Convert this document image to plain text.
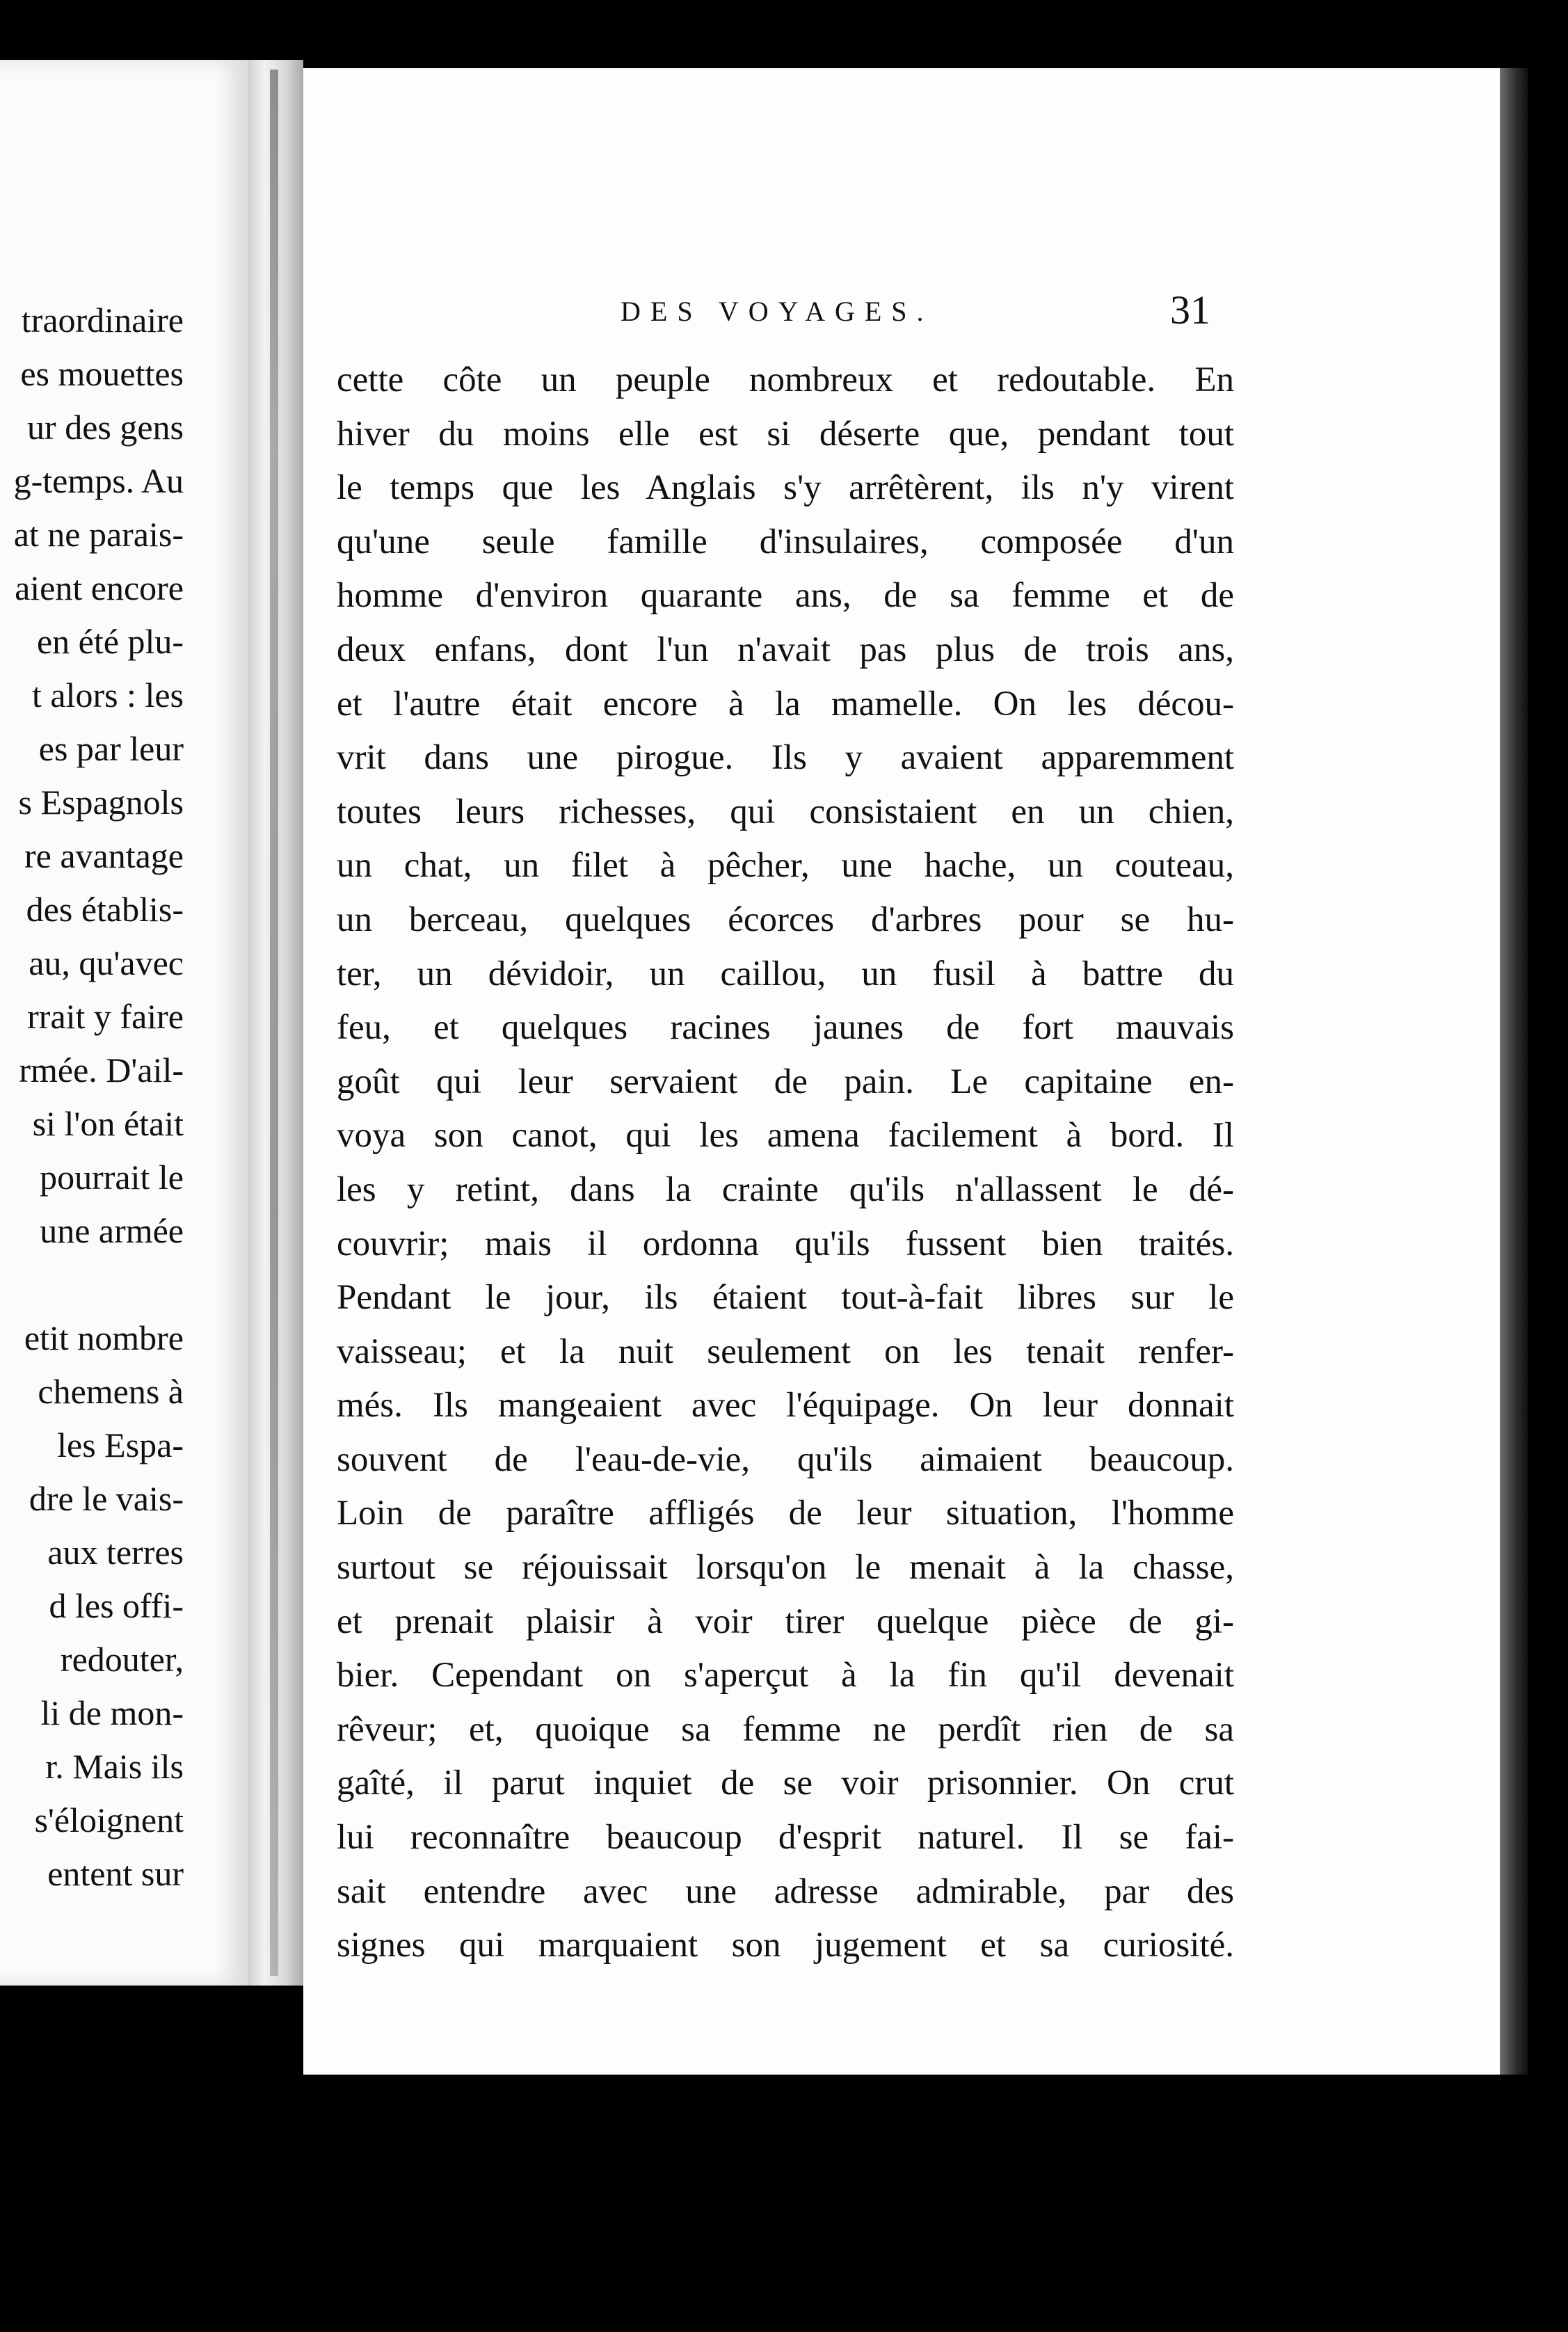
traordinaire
es mouettes
ur des gens
g-temps. Au
at ne parais-
aient encore
en été plu-
t alors : les
es par leur
s Espagnols
re avantage
des établis-
au, qu'avec
rrait y faire
rmée. D'ail-
si l'on était
pourrait le
une armée
etit nombre
chemens à
les Espa-
dre le vais-
aux terres
d les offi-
redouter,
li de mon-
r. Mais ils
s'éloignent
entent sur
DES VOYAGES.	31
cette côte un peuple nombreux et redoutable. En
hiver du moins elle est si déserte que, pendant tout
le temps que les Anglais s'y arrêtèrent, ils n'y virent
qu'une seule famille d'insulaires, composée d'un
homme d'environ quarante ans, de sa femme et de
deux enfans, dont l'un n'avait pas plus de trois ans,
et l'autre était encore à la mamelle. On les décou-
vrit dans une pirogue. Ils y avaient apparemment
toutes leurs richesses, qui consistaient en un chien,
un chat, un filet à pêcher, une hache, un couteau,
un berceau, quelques écorces d'arbres pour se hu-
ter, un dévidoir, un caillou, un fusil à battre du
feu, et quelques racines jaunes de fort mauvais
goût qui leur servaient de pain. Le capitaine en-
voya son canot, qui les amena facilement à bord. Il
les y retint, dans la crainte qu'ils n'allassent le dé-
couvrir; mais il ordonna qu'ils fussent bien traités.
Pendant le jour, ils étaient tout-à-fait libres sur le
vaisseau; et la nuit seulement on les tenait renfer-
més. Ils mangeaient avec l'équipage. On leur donnait
souvent de l'eau-de-vie, qu'ils aimaient beaucoup.
Loin de paraître affligés de leur situation, l'homme
surtout se réjouissait lorsqu'on le menait à la chasse,
et prenait plaisir à voir tirer quelque pièce de gi-
bier. Cependant on s'aperçut à la fin qu'il devenait
rêveur; et, quoique sa femme ne perdît rien de sa
gaîté, il parut inquiet de se voir prisonnier. On crut
lui reconnaître beaucoup d'esprit naturel. Il se fai-
sait entendre avec une adresse admirable, par des
signes qui marquaient son jugement et sa curiosité.
